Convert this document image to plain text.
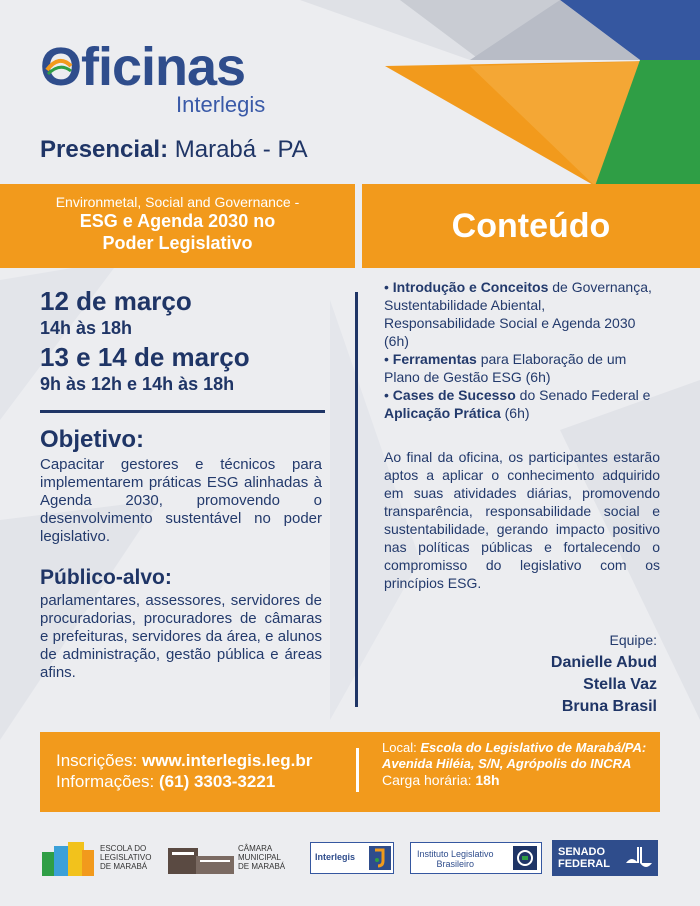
Oficinas
Interlegis
Presencial: Marabá - PA
Environmetal, Social and Governance -
ESG e Agenda 2030 no
Poder Legislativo	Conteúdo
12 de março
14h às 18h
13 e 14 de março
9h às 12h e 14h às 18h
Objetivo:
Capacitar gestores e técnicos para implementarem práticas ESG alinhadas à Agenda 2030, promovendo o desenvolvimento sustentável no poder legislativo.
Público-alvo:
parlamentares, assessores, servidores de procuradorias, procuradores de câmaras e prefeituras, servidores da área, e alunos de administração, gestão pública e áreas afins.

• Introdução e Conceitos de Governança, Sustentabilidade Abiental, Responsabilidade Social e Agenda 2030 (6h)

• Ferramentas para Elaboração de um Plano de Gestão ESG (6h)

• Cases de Sucesso do Senado Federal e Aplicação Prática (6h)

Ao final da oficina, os participantes estarão aptos a aplicar o conhecimento adquirido em suas atividades diárias, promovendo transparência, responsabilidade social e sustentabilidade, gerando impacto positivo nas políticas públicas e fortalecendo o compromisso do legislativo com os princípios ESG.
Equipe:
Danielle Abud
Stella Vaz
Bruna Brasil
Inscrições: www.interlegis.leg.br
Informações: (61) 3303-3221
Local: Escola do Legislativo de Marabá/PA: Avenida Hiléia, S/N, Agrópolis do INCRA
Carga horária: 18h
ESCOLA DO
LEGISLATIVO
DE MARABÁ
CÂMARA
MUNICIPAL
DE MARABÁ
Interlegis	Instituto Legislativo
Brasileiro
SENADO
FEDERAL
